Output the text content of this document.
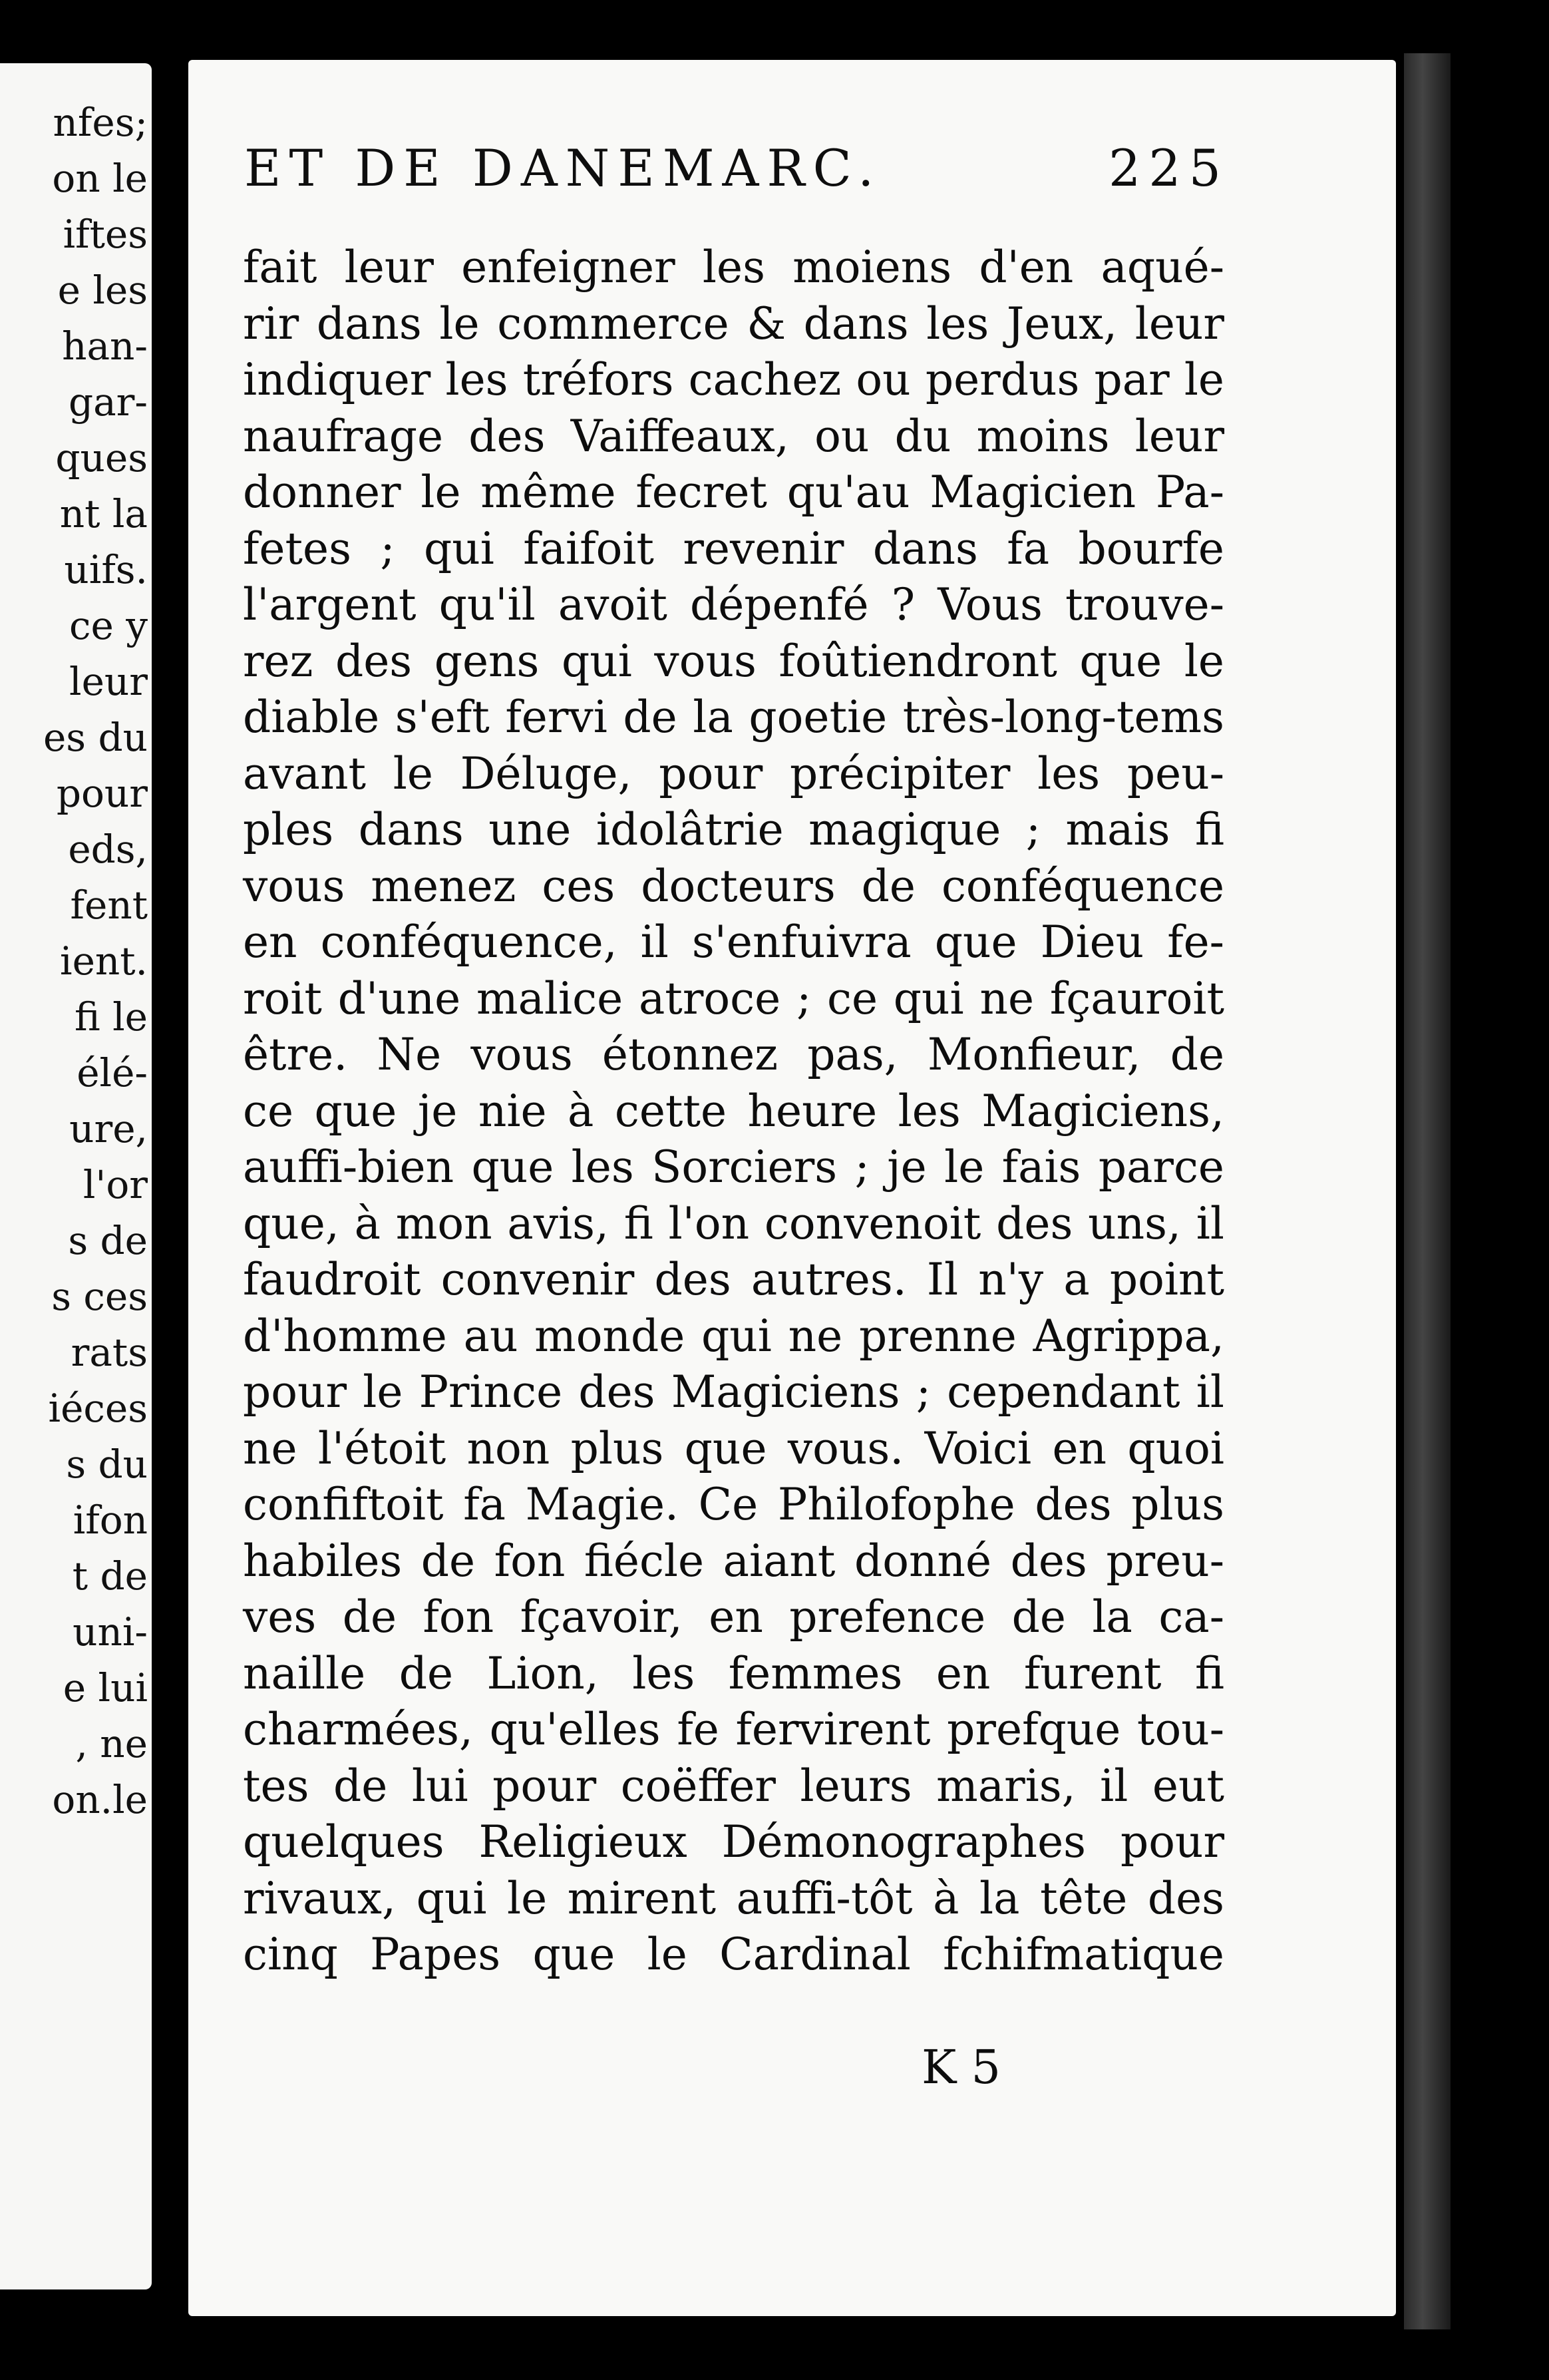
nfes;
on le
iftes
e les
han-
gar-
ques
nt la
uifs.
ce y
leur
es du
pour
eds,
fent
ient.
fi le
élé-
ure,
l'or
s de
s ces
rats
iéces
s du
ifon
t de
uni-
e lui
, ne
on.le
ET DE DANEMARC.	225
fait leur enfeigner les moiens d'en aqué-
rir dans le commerce & dans les Jeux, leur
indiquer les tréfors cachez ou perdus par le
naufrage des Vaiffeaux, ou du moins leur
donner le même fecret qu'au Magicien Pa-
fetes ; qui faifoit revenir dans fa bourfe
l'argent qu'il avoit dépenfé ? Vous trouve-
rez des gens qui vous foûtiendront que le
diable s'eft fervi de la goetie très-long-tems
avant le Déluge, pour précipiter les peu-
ples dans une idolâtrie magique ; mais fi
vous menez ces docteurs de conféquence
en conféquence, il s'enfuivra que Dieu fe-
roit d'une malice atroce ; ce qui ne fçauroit
être. Ne vous étonnez pas, Monfieur, de
ce que je nie à cette heure les Magiciens,
auffi-bien que les Sorciers ; je le fais parce
que, à mon avis, fi l'on convenoit des uns, il
faudroit convenir des autres. Il n'y a point
d'homme au monde qui ne prenne Agrippa,
pour le Prince des Magiciens ; cependant il
ne l'étoit non plus que vous. Voici en quoi
confiftoit fa Magie. Ce Philofophe des plus
habiles de fon fiécle aiant donné des preu-
ves de fon fçavoir, en prefence de la ca-
naille de Lion, les femmes en furent fi
charmées, qu'elles fe fervirent prefque tou-
tes de lui pour coëffer leurs maris, il eut
quelques Religieux Démonographes pour
rivaux, qui le mirent auffi-tôt à la tête des
cinq Papes que le Cardinal fchifmatique
K 5
